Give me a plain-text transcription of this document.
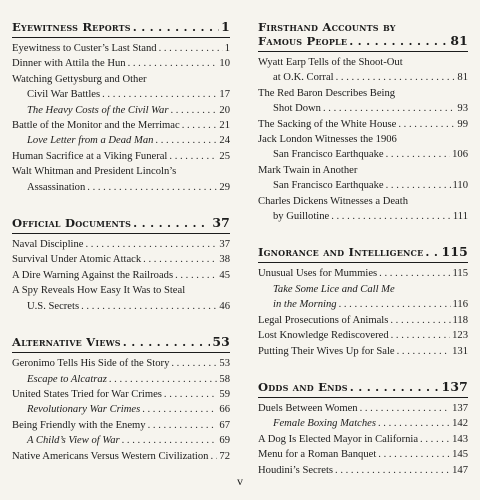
Eyewitness Reports . . .	1
Eyewitness to Custer’s Last Stand . . .	1
Dinner with Attila the Hun . . .	10
Watching Gettysburg and Other
Civil War Battles . . .	17
The Heavy Costs of the Civil War . . .	20
Battle of the Monitor and the Merrimac . . .	21
Love Letter from a Dead Man . . .	24
Human Sacrifice at a Viking Funeral . . .	25
Walt Whitman and President Lincoln’s
Assassination . . .	29
Official Documents . . .	37
Naval Discipline . . .	37
Survival Under Atomic Attack . . .	38
A Dire Warning Against the Railroads . . .	45
A Spy Reveals How Easy It Was to Steal
U.S. Secrets . . .	46
Alternative Views . . .	53
Geronimo Tells His Side of the Story . . .	53
Escape to Alcatraz . . .	58
United States Tried for War Crimes . . .	59
Revolutionary War Crimes . . .	66
Being Friendly with the Enemy . . .	67
A Child’s View of War . . .	69
Native Americans Versus Western Civilization . . . 72
Firsthand Accounts by
Famous People . . .	81
Wyatt Earp Tells of the Shoot-Out
at O.K. Corral . . .	81
The Red Baron Describes Being
Shot Down . . .	93
The Sacking of the White House . . .	99
Jack London Witnesses the 1906
San Francisco Earthquake . . .	106
Mark Twain in Another
San Francisco Earthquake . . .	110
Charles Dickens Witnesses a Death
by Guillotine . . .	111
Ignorance and Intelligence . . . 115
Unusual Uses for Mummies . . .	115
Take Some Lice and Call Me
in the Morning . . .	116
Legal Prosecutions of Animals . . .	118
Lost Knowledge Rediscovered . . .	123
Putting Their Wives Up for Sale . . .	131
Odds and Ends . . .	137
Duels Between Women . . .	137
Female Boxing Matches . . .	142
A Dog Is Elected Mayor in California . . .	143
Menu for a Roman Banquet . . .	145
Houdini’s Secrets . . .	147
v
